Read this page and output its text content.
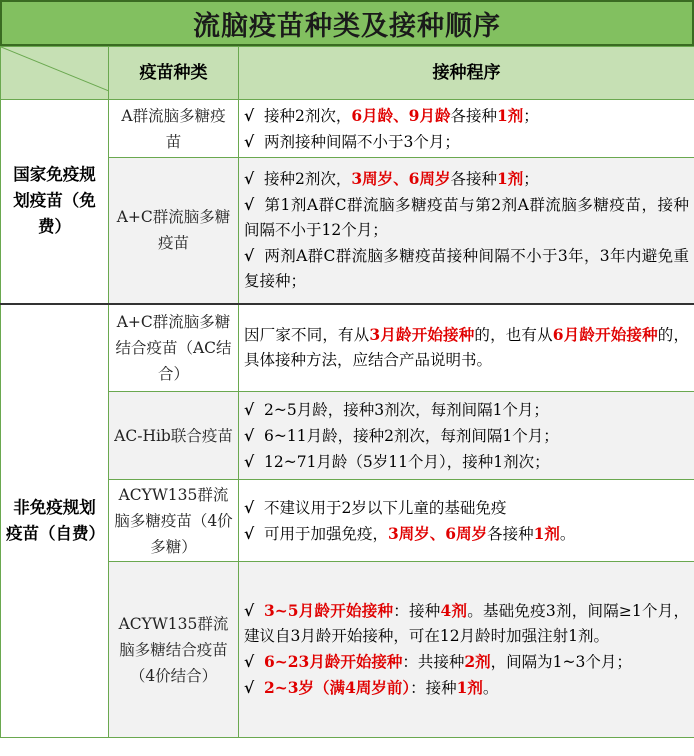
流脑疫苗种类及接种顺序
	疫苗种类	接种程序
国家免疫规划疫苗（免费）	A群流脑多糖疫苗	√ 接种2剂次，6月龄、9月龄各接种1剂；
√ 两剂接种间隔不小于3个月；

	A+C群流脑多糖疫苗	√ 接种2剂次，3周岁、6周岁各接种1剂；
√ 第1剂A群C群流脑多糖疫苗与第2剂A群流脑多糖疫苗，接种间隔不小于12个月；
√ 两剂A群C群流脑多糖疫苗接种间隔不小于3年，3年内避免重复接种；

非免疫规划疫苗（自费）	A+C群流脑多糖结合疫苗（AC结合）	因厂家不同，有从3月龄开始接种的，也有从6月龄开始接种的，具体接种方法，应结合产品说明书。
	AC-Hib联合疫苗	√ 2~5月龄，接种3剂次，每剂间隔1个月；
√ 6~11月龄，接种2剂次，每剂间隔1个月；
√ 12~71月龄（5岁11个月），接种1剂次；

	ACYW135群流脑多糖疫苗（4价多糖）	√ 不建议用于2岁以下儿童的基础免疫
√ 可用于加强免疫，3周岁、6周岁各接种1剂。

	ACYW135群流脑多糖结合疫苗（4价结合）	√ 3~5月龄开始接种：接种4剂。基础免疫3剂，间隔≥1个月，建议自3月龄开始接种，可在12月龄时加强注射1剂。
√ 6~23月龄开始接种：共接种2剂，间隔为1~3个月；
√ 2~3岁（满4周岁前）：接种1剂。
